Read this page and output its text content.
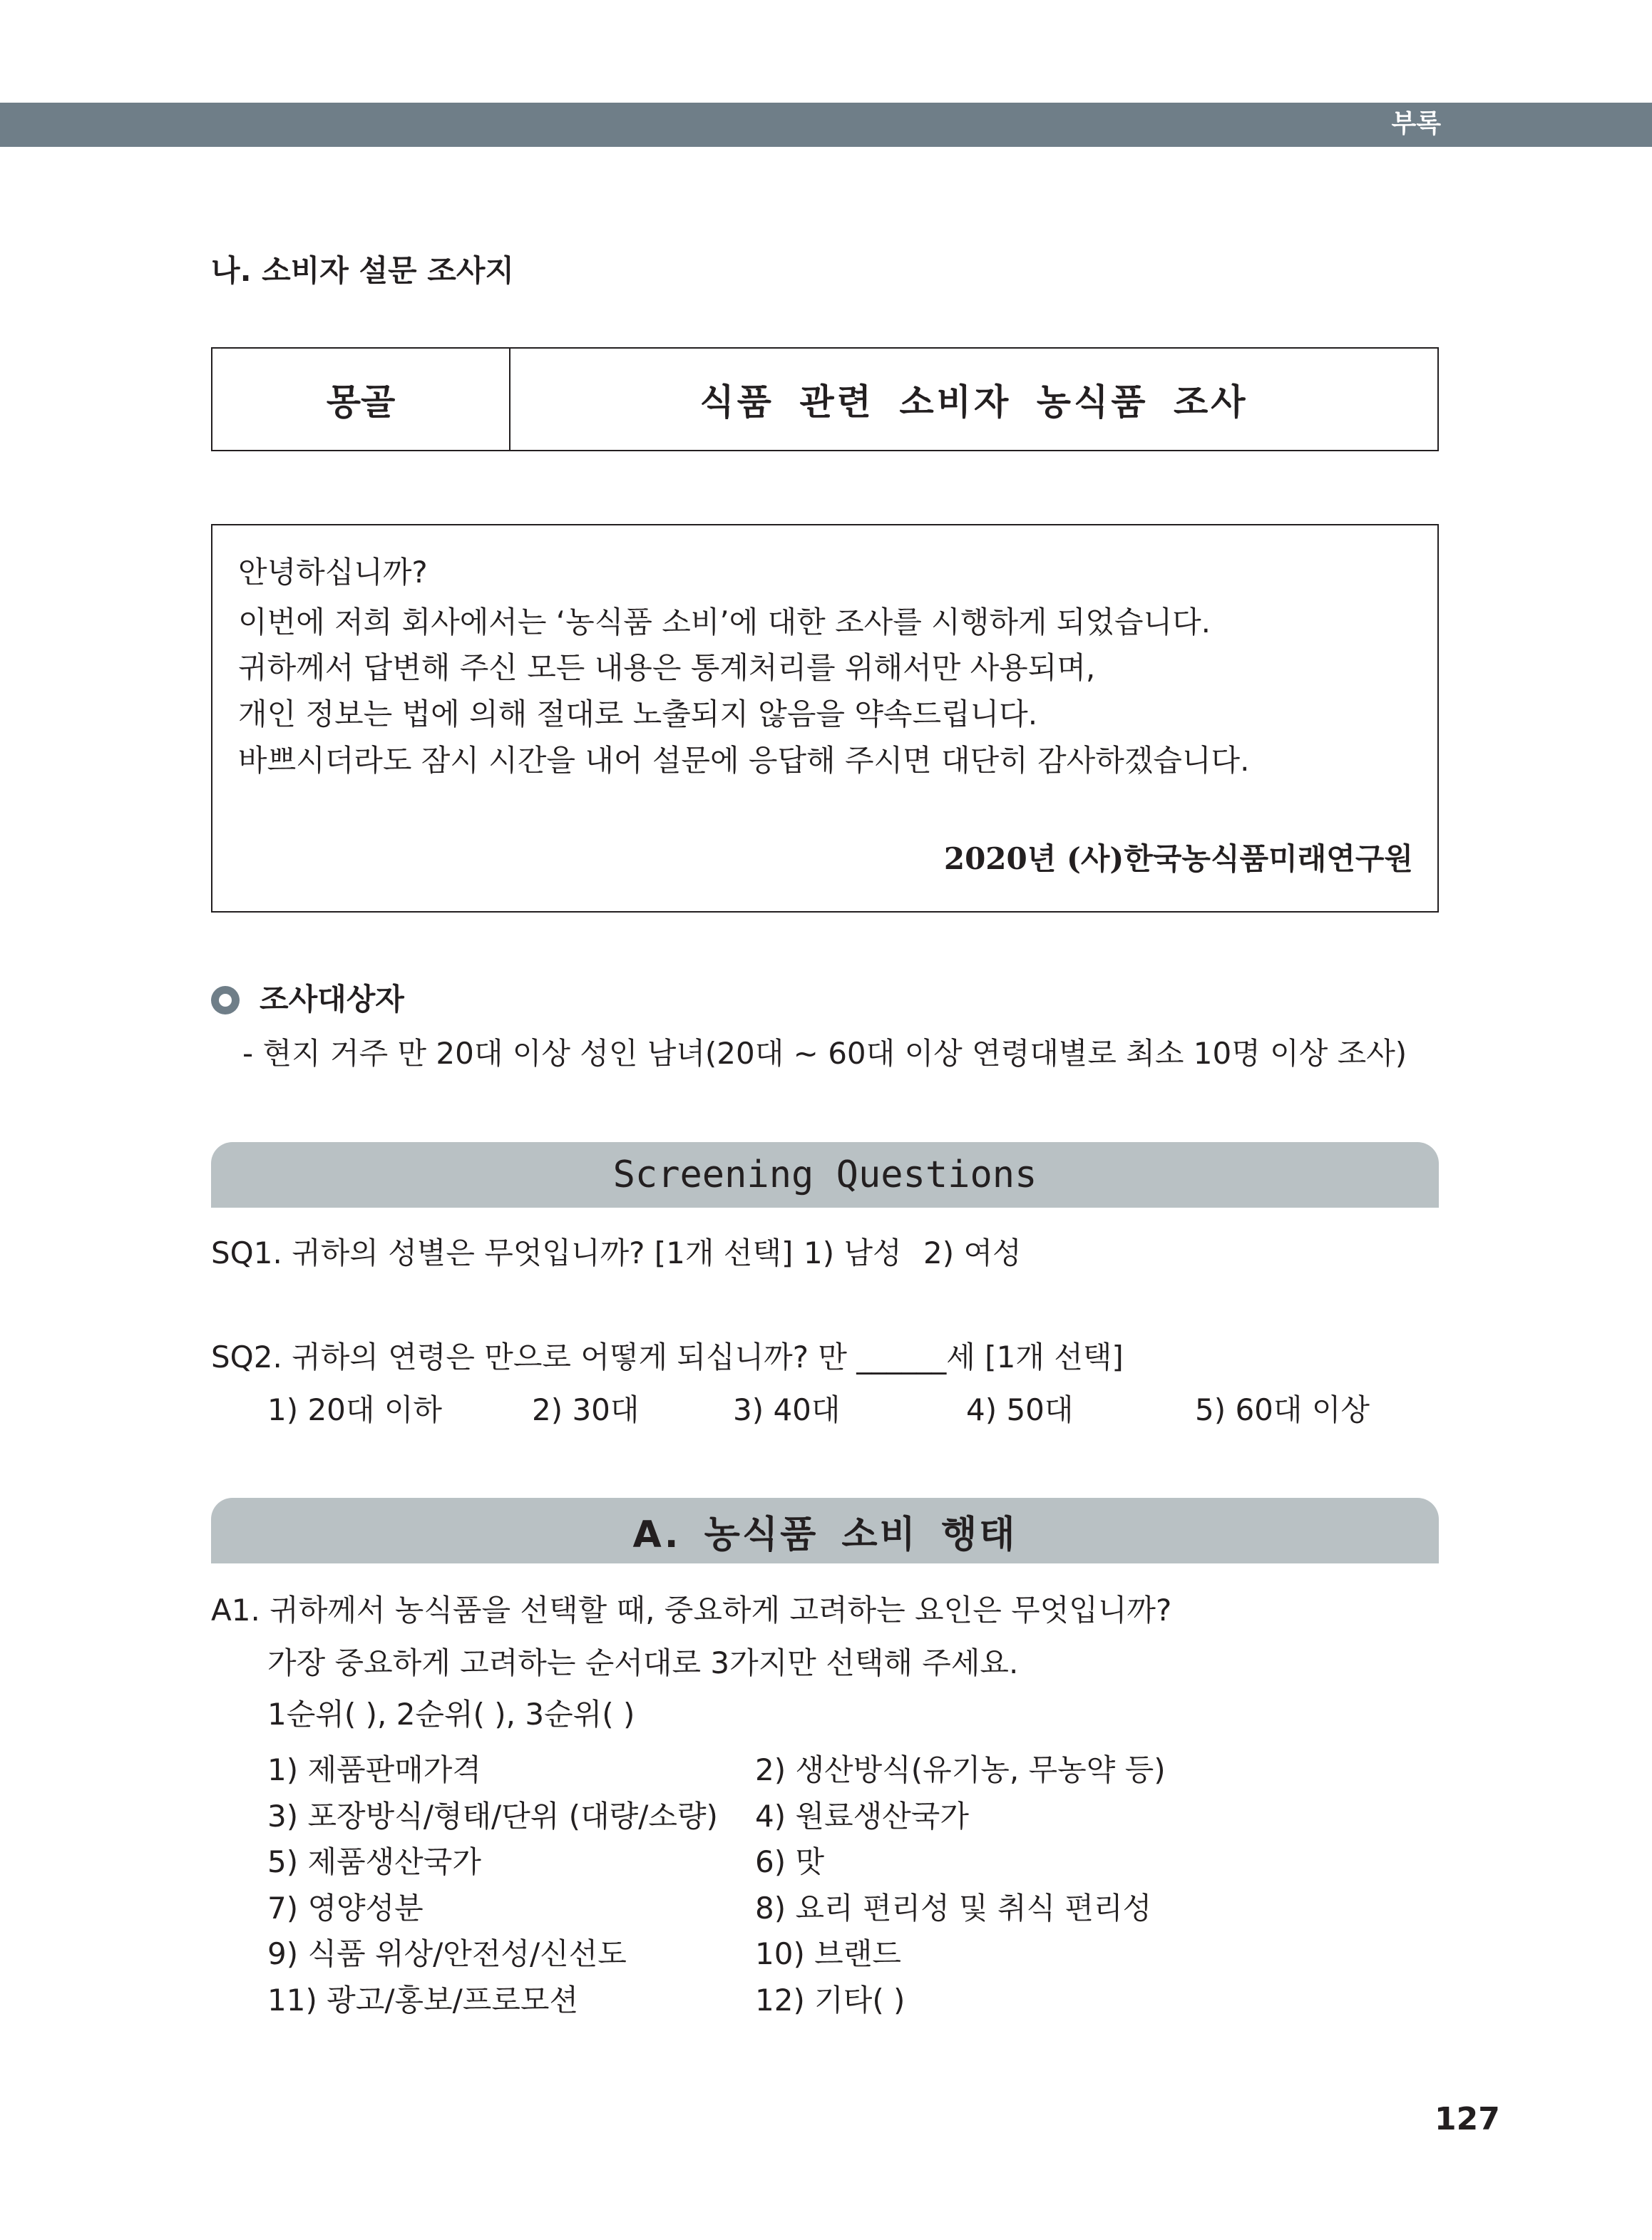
부록
나. 소비자 설문 조사지
몽골	식품 관련 소비자 농식품 조사
안녕하십니까?
이번에 저희 회사에서는 ‘농식품 소비’에 대한 조사를 시행하게 되었습니다.
귀하께서 답변해 주신 모든 내용은 통계처리를 위해서만 사용되며,
개인 정보는 법에 의해 절대로 노출되지 않음을 약속드립니다.
바쁘시더라도 잠시 시간을 내어 설문에 응답해 주시면 대단히 감사하겠습니다.
2020년 (사)한국농식품미래연구원
조사대상자
- 현지 거주 만 20대 이상 성인 남녀(20대 ~ 60대 이상 연령대별로 최소 10명 이상 조사)
Screening Questions
SQ1. 귀하의 성별은 무엇입니까? [1개 선택] 1) 남성 2) 여성
SQ2. 귀하의 연령은 만으로 어떻게 되십니까? 만 ______세 [1개 선택]
1) 20대 이하	2) 30대	3) 40대	4) 50대	5) 60대 이상
A. 농식품 소비 행태
A1. 귀하께서 농식품을 선택할 때, 중요하게 고려하는 요인은 무엇입니까?
가장 중요하게 고려하는 순서대로 3가지만 선택해 주세요.
1순위( ), 2순위( ), 3순위( )
1) 제품판매가격	2) 생산방식(유기농, 무농약 등)
3) 포장방식/형태/단위 (대량/소량) 4) 원료생산국가
5) 제품생산국가	6) 맛
7) 영양성분	8) 요리 편리성 및 취식 편리성
9) 식품 위상/안전성/신선도	10) 브랜드
11) 광고/홍보/프로모션	12) 기타( )
127
